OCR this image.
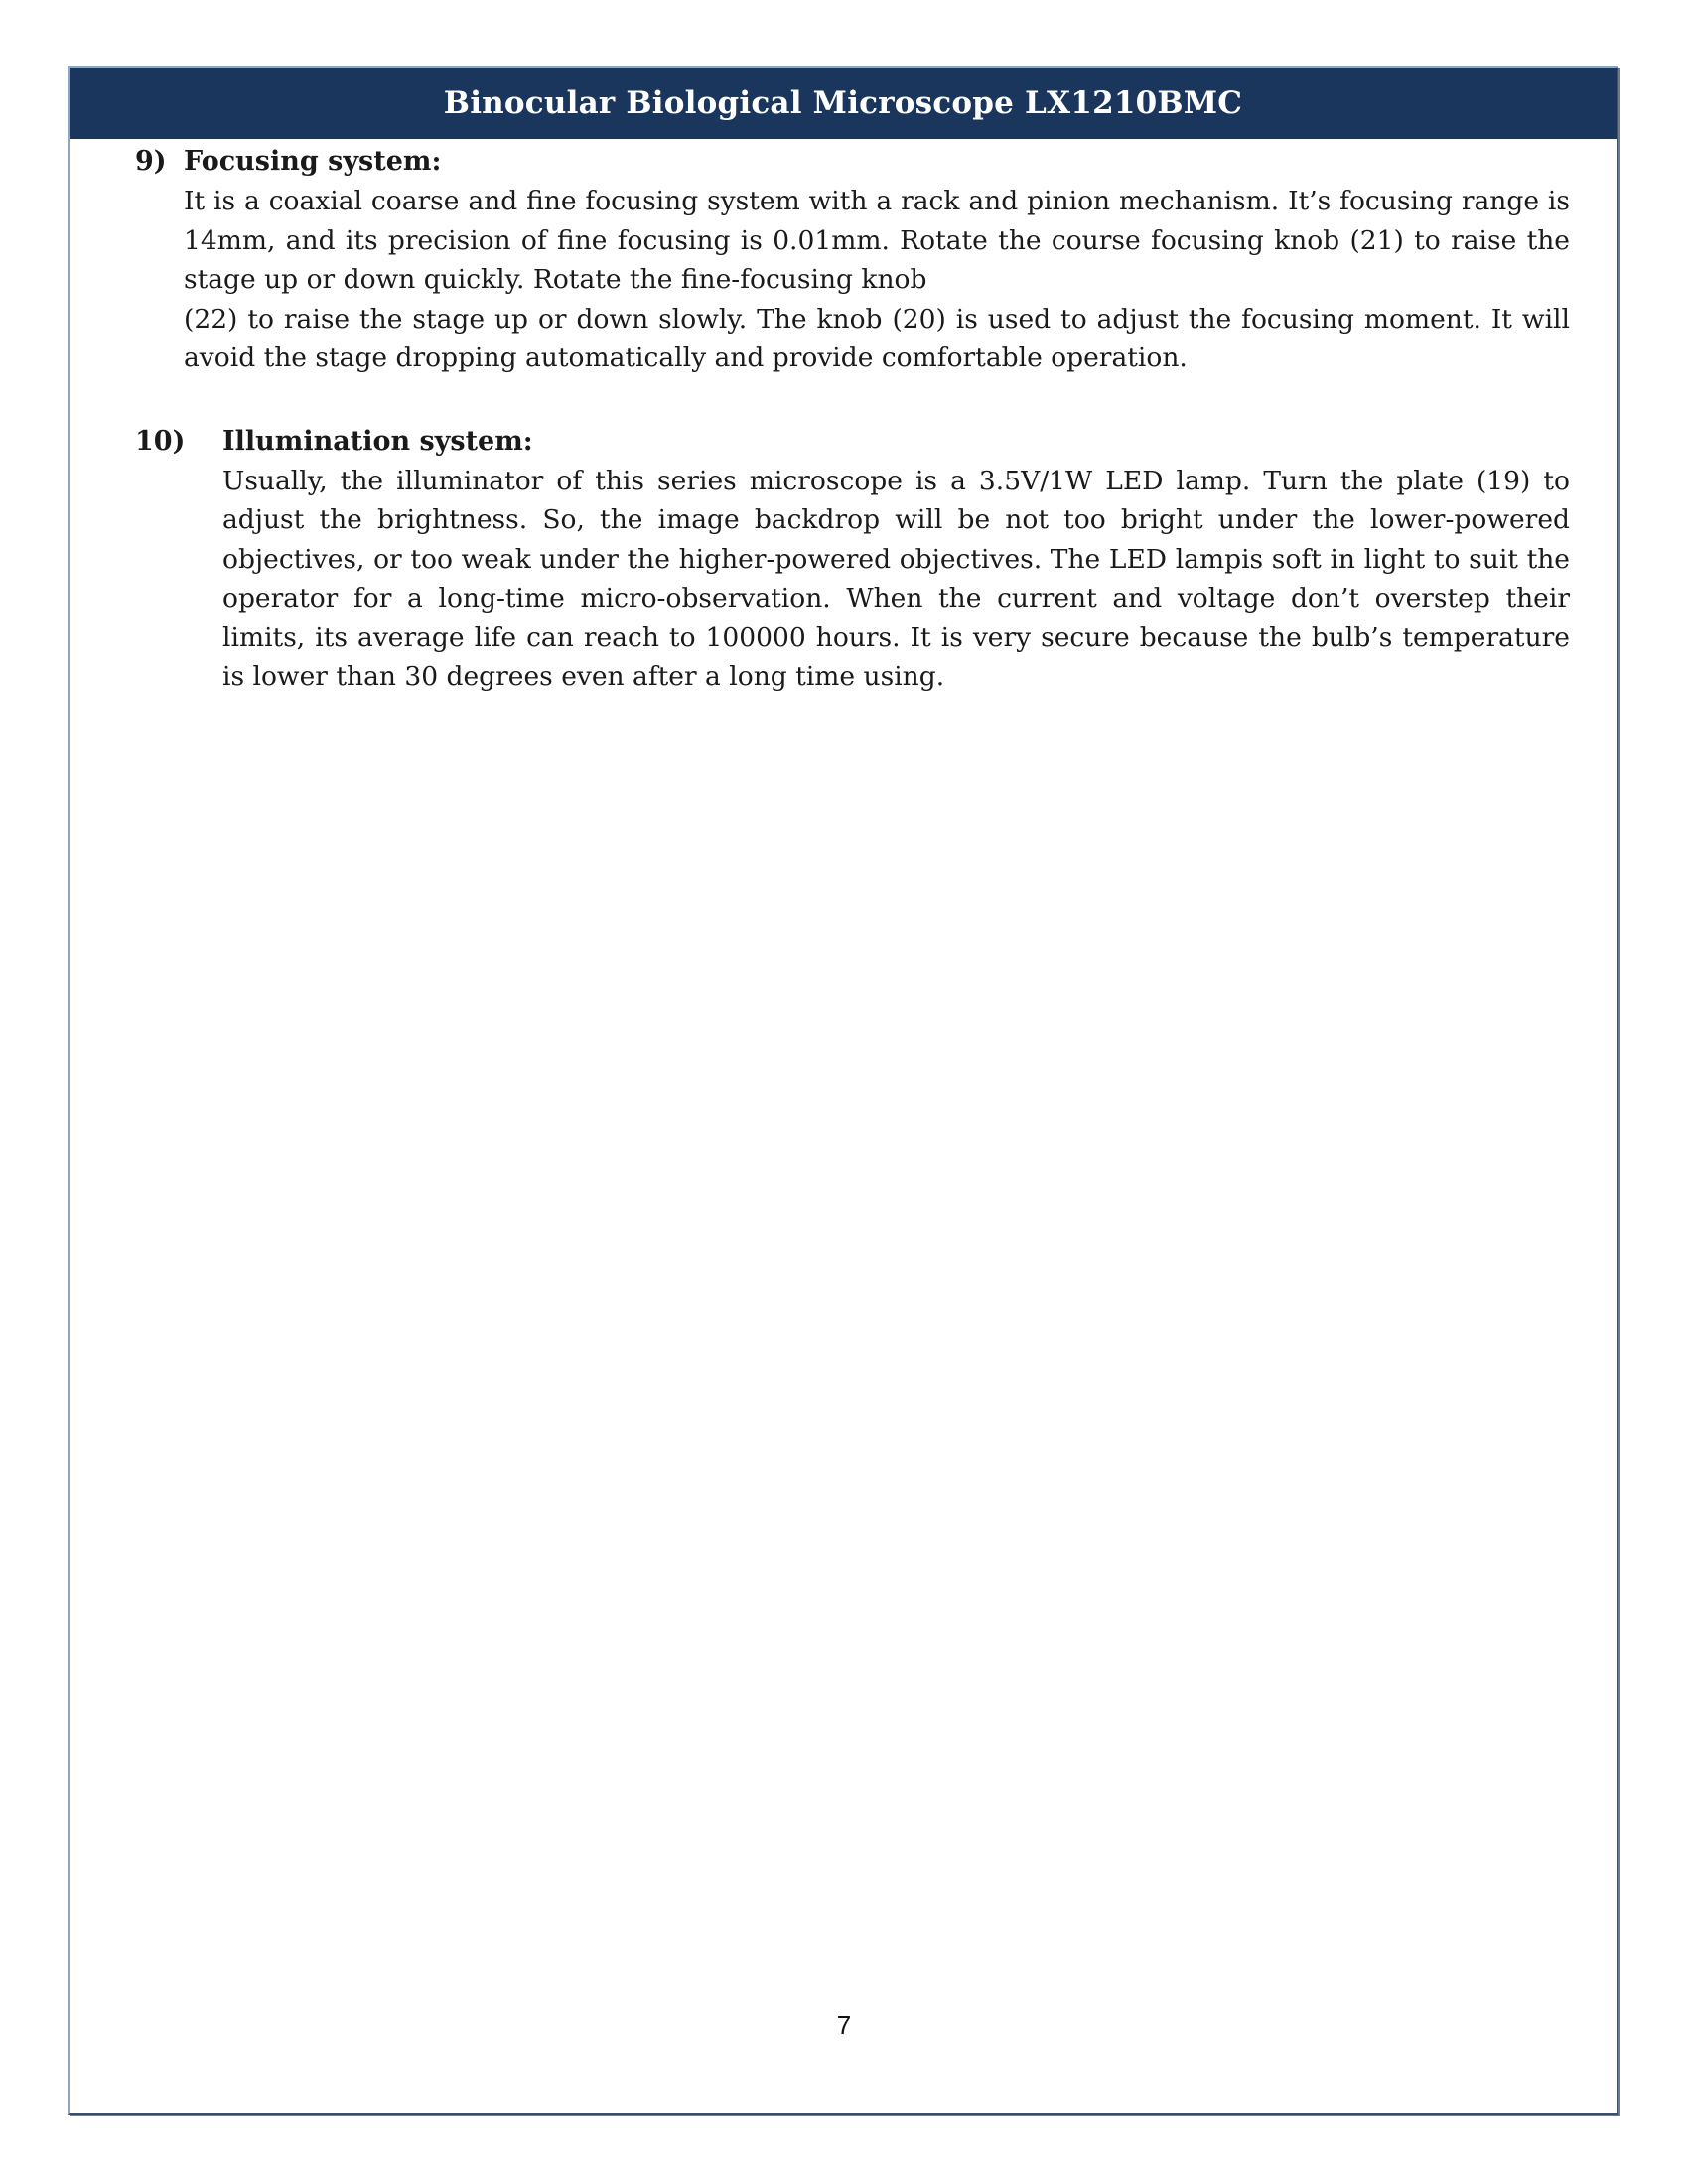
Binocular Biological Microscope LX1210BMC
9) Focusing system:

It is a coaxial coarse and fine focusing system with a rack and pinion mechanism. It’s focusing range is 14mm, and its precision of fine focusing is 0.01mm. Rotate the course focusing knob (21) to raise the stage up or down quickly. Rotate the fine-focusing knob

(22) to raise the stage up or down slowly. The knob (20) is used to adjust the focusing moment. It will avoid the stage dropping automatically and provide comfortable operation.

10)	Illumination system:

Usually, the illuminator of this series microscope is a 3.5V/1W LED lamp. Turn the plate (19) to adjust the brightness. So, the image backdrop will be not too bright under the lower-powered objectives, or too weak under the higher-powered objectives. The LED lampis soft in light to suit the operator for a long-time micro-observation. When the current and voltage don’t overstep their limits, its average life can reach to 100000 hours. It is very secure because the bulb’s temperature is lower than 30 degrees even after a long time using.

7
